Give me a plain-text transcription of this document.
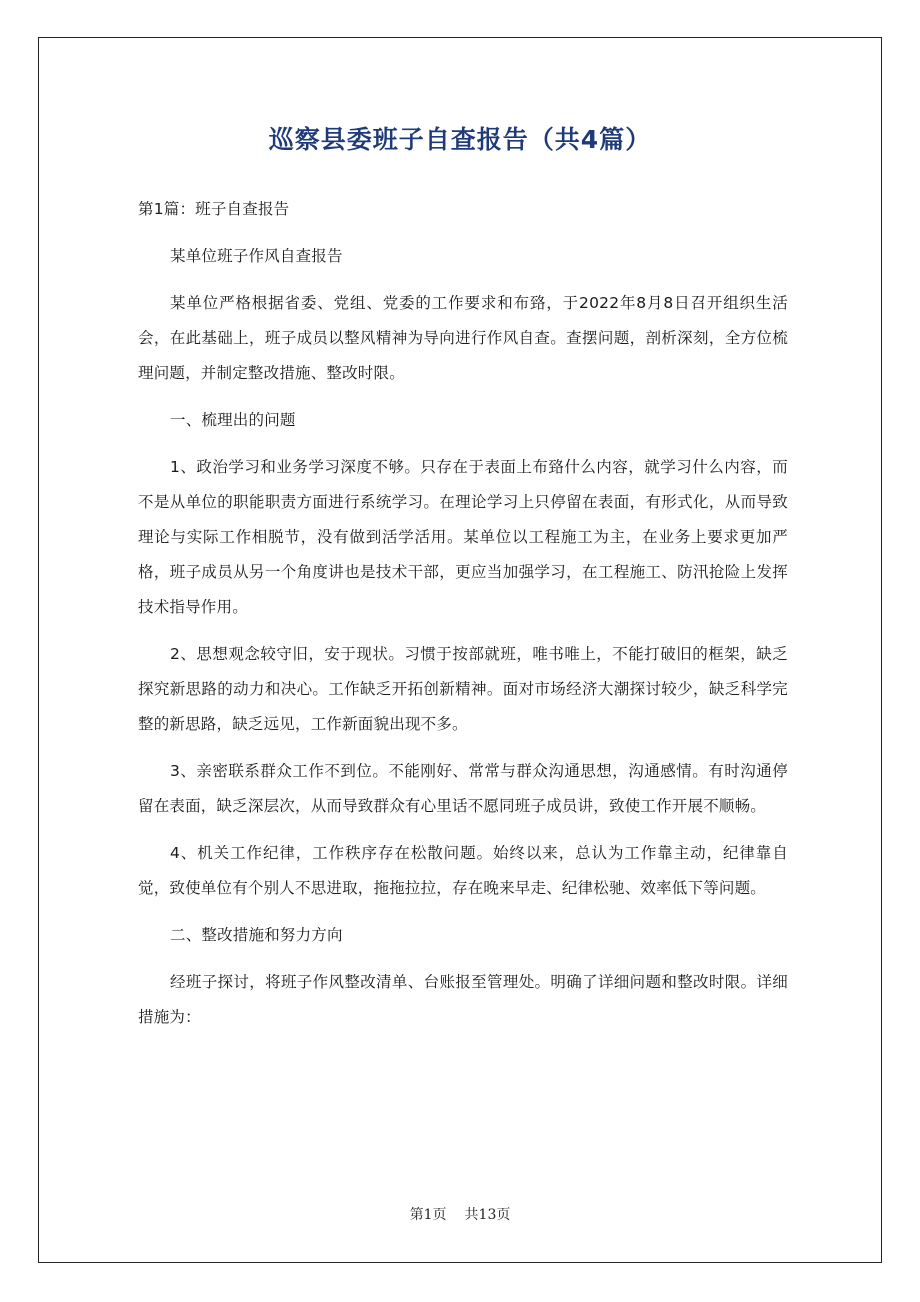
巡察县委班子自查报告（共4篇）

第1篇：班子自查报告

某单位班子作风自查报告

某单位严格根据省委、党组、党委的工作要求和布臵，于2022年8月8日召开组织生活会，在此基础上，班子成员以整风精神为导向进行作风自查。查摆问题，剖析深刻，全方位梳理问题，并制定整改措施、整改时限。

一、梳理出的问题

1、政治学习和业务学习深度不够。只存在于表面上布臵什么内容，就学习什么内容，而不是从单位的职能职责方面进行系统学习。在理论学习上只停留在表面，有形式化，从而导致理论与实际工作相脱节，没有做到活学活用。某单位以工程施工为主，在业务上要求更加严格，班子成员从另一个角度讲也是技术干部，更应当加强学习，在工程施工、防汛抢险上发挥技术指导作用。

2、思想观念较守旧，安于现状。习惯于按部就班，唯书唯上，不能打破旧的框架，缺乏探究新思路的动力和决心。工作缺乏开拓创新精神。面对市场经济大潮探讨较少，缺乏科学完整的新思路，缺乏远见，工作新面貌出现不多。

3、亲密联系群众工作不到位。不能刚好、常常与群众沟通思想，沟通感情。有时沟通停留在表面，缺乏深层次，从而导致群众有心里话不愿同班子成员讲，致使工作开展不顺畅。

4、机关工作纪律，工作秩序存在松散问题。始终以来，总认为工作靠主动，纪律靠自觉，致使单位有个别人不思进取，拖拖拉拉，存在晚来早走、纪律松驰、效率低下等问题。

二、整改措施和努力方向

经班子探讨，将班子作风整改清单、台账报至管理处。明确了详细问题和整改时限。详细措施为：

第1页 共13页
